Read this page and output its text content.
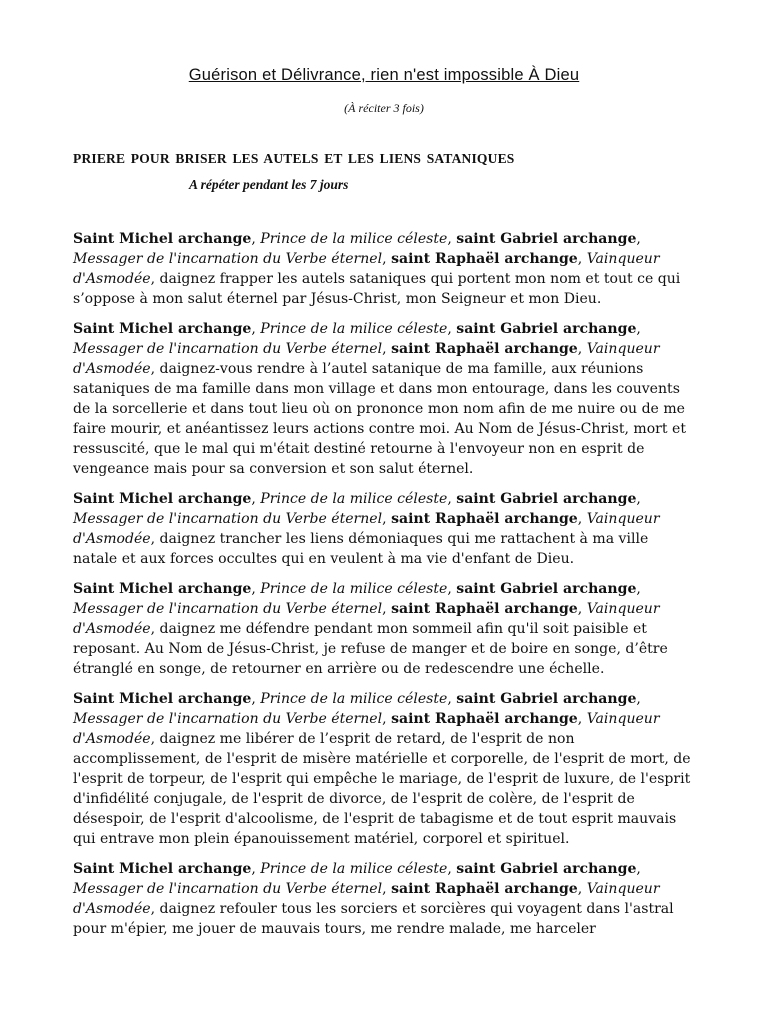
Guérison et Délivrance, rien n'est impossible À Dieu
(À réciter 3 fois)
PRIERE POUR BRISER LES AUTELS ET LES LIENS SATANIQUES
A répéter pendant les 7 jours

Saint Michel archange, Prince de la milice céleste, saint Gabriel archange, Messager de l'incarnation du Verbe éternel, saint Raphaël archange, Vainqueur d'Asmodée, daignez frapper les autels sataniques qui portent mon nom et tout ce qui s’oppose à mon salut éternel par Jésus-Christ, mon Seigneur et mon Dieu.

Saint Michel archange, Prince de la milice céleste, saint Gabriel archange, Messager de l'incarnation du Verbe éternel, saint Raphaël archange, Vainqueur d'Asmodée, daignez-vous rendre à l’autel satanique de ma famille, aux réunions sataniques de ma famille dans mon village et dans mon entourage, dans les couvents de la sorcellerie et dans tout lieu où on prononce mon nom afin de me nuire ou de me faire mourir, et anéantissez leurs actions contre moi. Au Nom de Jésus-Christ, mort et ressuscité, que le mal qui m'était destiné retourne à l'envoyeur non en esprit de vengeance mais pour sa conversion et son salut éternel.

Saint Michel archange, Prince de la milice céleste, saint Gabriel archange, Messager de l'incarnation du Verbe éternel, saint Raphaël archange, Vainqueur d'Asmodée, daignez trancher les liens démoniaques qui me rattachent à ma ville natale et aux forces occultes qui en veulent à ma vie d'enfant de Dieu.

Saint Michel archange, Prince de la milice céleste, saint Gabriel archange, Messager de l'incarnation du Verbe éternel, saint Raphaël archange, Vainqueur d'Asmodée, daignez me défendre pendant mon sommeil afin qu'il soit paisible et reposant. Au Nom de Jésus-Christ, je refuse de manger et de boire en songe, d’être étranglé en songe, de retourner en arrière ou de redescendre une échelle.

Saint Michel archange, Prince de la milice céleste, saint Gabriel archange, Messager de l'incarnation du Verbe éternel, saint Raphaël archange, Vainqueur d'Asmodée, daignez me libérer de l’esprit de retard, de l'esprit de non accomplissement, de l'esprit de misère matérielle et corporelle, de l'esprit de mort, de l'esprit de torpeur, de l'esprit qui empêche le mariage, de l'esprit de luxure, de l'esprit d'infidélité conjugale, de l'esprit de divorce, de l'esprit de colère, de l'esprit de désespoir, de l'esprit d'alcoolisme, de l'esprit de tabagisme et de tout esprit mauvais qui entrave mon plein épanouissement matériel, corporel et spirituel.

Saint Michel archange, Prince de la milice céleste, saint Gabriel archange, Messager de l'incarnation du Verbe éternel, saint Raphaël archange, Vainqueur d'Asmodée, daignez refouler tous les sorciers et sorcières qui voyagent dans l'astral pour m'épier, me jouer de mauvais tours, me rendre malade, me harceler
